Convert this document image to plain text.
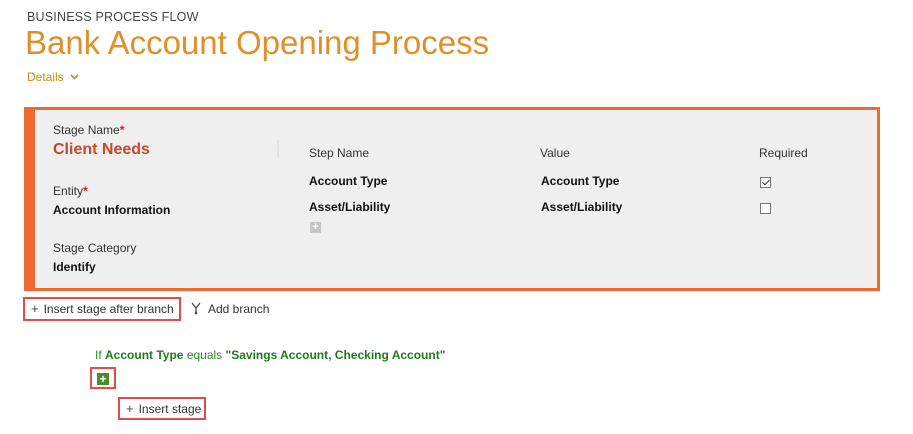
BUSINESS PROCESS FLOW
Bank Account Opening Process
Details
Stage Name*
Client Needs
Entity*
Account Information
Stage Category
Identify
Step Name	Value	Required
Account Type	Account Type
Asset/Liability	Asset/Liability
+
+ Insert stage after branch	Add branch
If Account Type equals "Savings Account, Checking Account"
+
+ Insert stage
